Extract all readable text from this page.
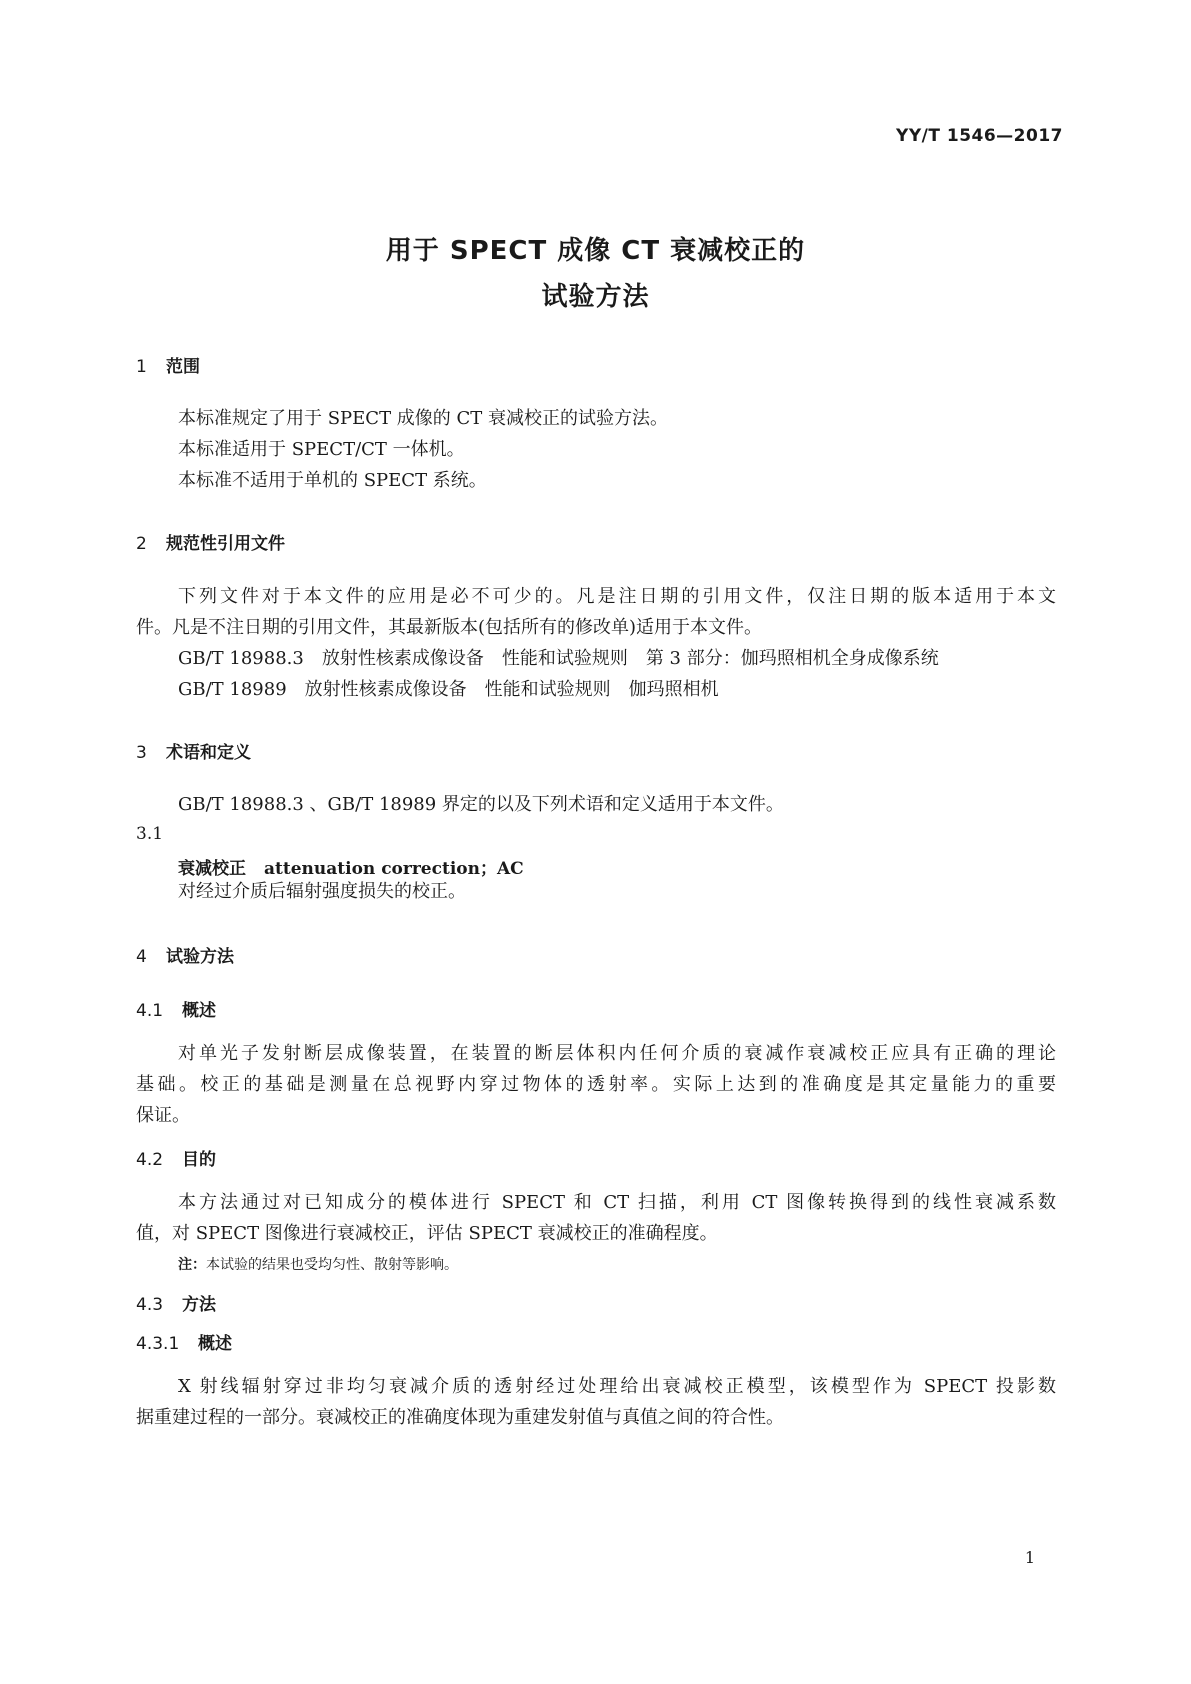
YY/T 1546—2017
用于 SPECT 成像 CT 衰减校正的
试验方法
1 范围
本标准规定了用于 SPECT 成像的 CT 衰减校正的试验方法。
本标准适用于 SPECT/CT 一体机。
本标准不适用于单机的 SPECT 系统。
2 规范性引用文件
下列文件对于本文件的应用是必不可少的。凡是注日期的引用文件，仅注日期的版本适用于本文
件。凡是不注日期的引用文件，其最新版本(包括所有的修改单)适用于本文件。
GB/T 18988.3　放射性核素成像设备　性能和试验规则　第 3 部分：伽玛照相机全身成像系统
GB/T 18989　放射性核素成像设备　性能和试验规则　伽玛照相机
3 术语和定义
GB/T 18988.3 、GB/T 18989 界定的以及下列术语和定义适用于本文件。
3.1
衰减校正 attenuation correction；AC
对经过介质后辐射强度损失的校正。
4 试验方法
4.1 概述
对单光子发射断层成像装置，在装置的断层体积内任何介质的衰减作衰减校正应具有正确的理论
基础。校正的基础是测量在总视野内穿过物体的透射率。实际上达到的准确度是其定量能力的重要
保证。
4.2 目的
本方法通过对已知成分的模体进行 SPECT 和 CT 扫描，利用 CT 图像转换得到的线性衰减系数
值，对 SPECT 图像进行衰减校正，评估 SPECT 衰减校正的准确程度。
注：本试验的结果也受均匀性、散射等影响。
4.3 方法
4.3.1 概述
X 射线辐射穿过非均匀衰减介质的透射经过处理给出衰减校正模型，该模型作为 SPECT 投影数
据重建过程的一部分。衰减校正的准确度体现为重建发射值与真值之间的符合性。
1
